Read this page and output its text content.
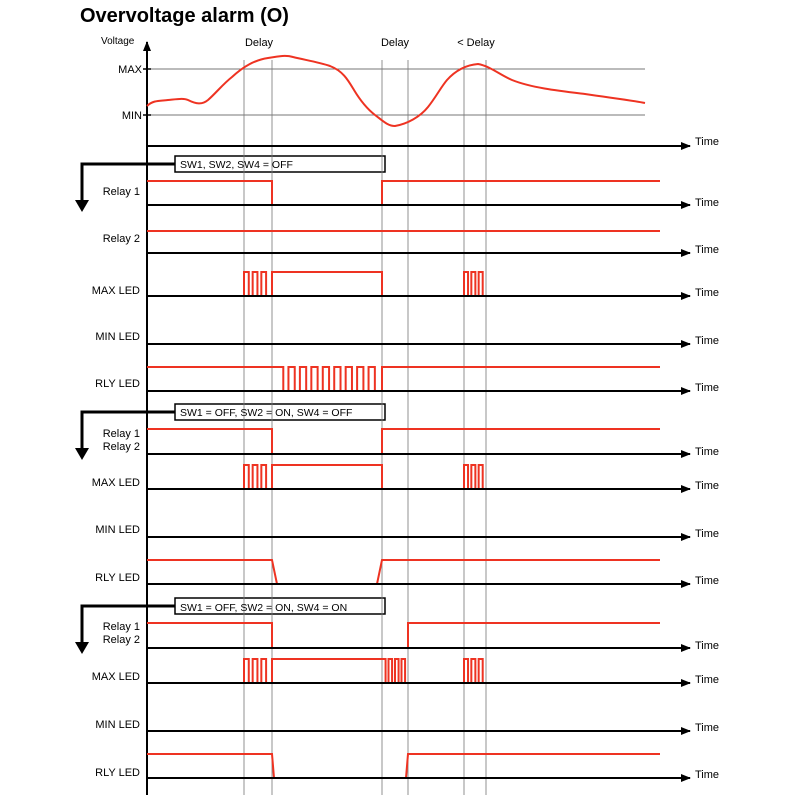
Overvoltage alarm (O)
Voltage
MAX
MIN
Time
Delay	Delay	< Delay
SW1, SW2, SW4 = OFF
Relay 1
Time
Relay 2
Time
MAX LED	Time
MIN LED	Time
RLY LED	Time
SW1 = OFF, SW2 = ON, SW4 = OFF
Relay 1
Relay 2	Time
MAX LED	Time
MIN LED	Time
RLY LED	Time
SW1 = OFF, SW2 = ON, SW4 = ON
Relay 1
Relay 2	Time
MAX LED	Time
MIN LED	Time
RLY LED	Time
